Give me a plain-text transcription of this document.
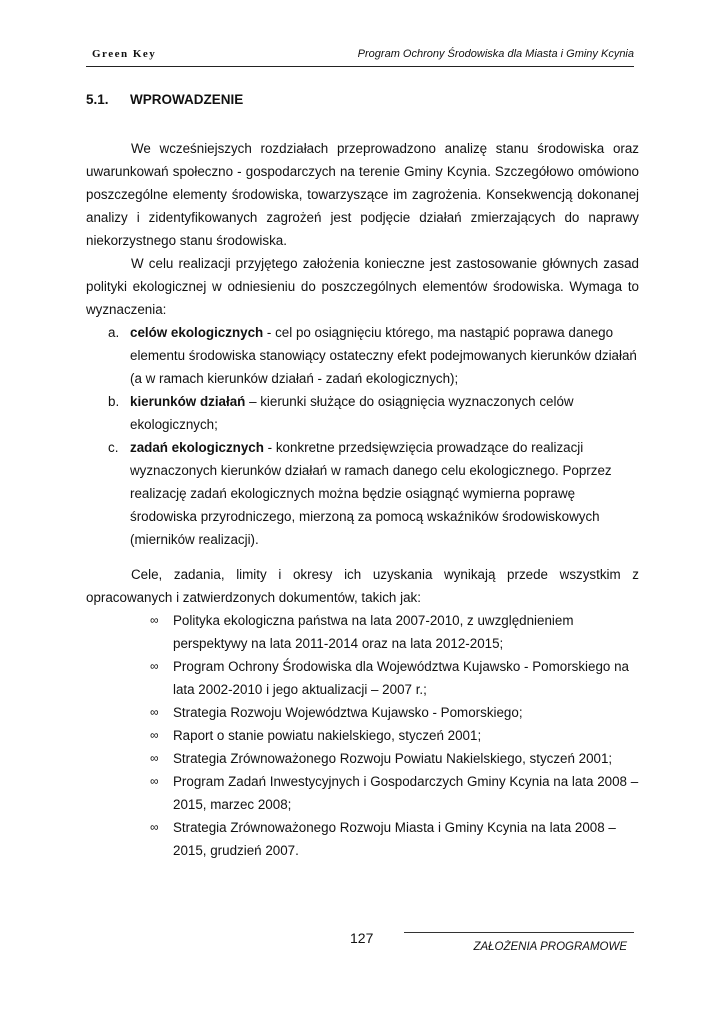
Green Key	Program Ochrony Środowiska dla Miasta i Gminy Kcynia
5.1. WPROWADZENIE

We wcześniejszych rozdziałach przeprowadzono analizę stanu środowiska oraz uwarunkowań społeczno - gospodarczych na terenie Gminy Kcynia. Szczegółowo omówiono poszczególne elementy środowiska, towarzyszące im zagrożenia. Konsekwencją dokonanej analizy i zidentyfikowanych zagrożeń jest podjęcie działań zmierzających do naprawy niekorzystnego stanu środowiska.

W celu realizacji przyjętego założenia konieczne jest zastosowanie głównych zasad polityki ekologicznej w odniesieniu do poszczególnych elementów środowiska. Wymaga to wyznaczenia:

a. celów ekologicznych - cel po osiągnięciu którego, ma nastąpić poprawa danego elementu środowiska stanowiący ostateczny efekt podejmowanych kierunków działań (a w ramach kierunków działań - zadań ekologicznych);
b. kierunków działań – kierunki służące do osiągnięcia wyznaczonych celów ekologicznych;
c. zadań ekologicznych - konkretne przedsięwzięcia prowadzące do realizacji wyznaczonych kierunków działań w ramach danego celu ekologicznego. Poprzez realizację zadań ekologicznych można będzie osiągnąć wymierna poprawę środowiska przyrodniczego, mierzoną za pomocą wskaźników środowiskowych (mierników realizacji).

Cele, zadania, limity i okresy ich uzyskania wynikają przede wszystkim z opracowanych i zatwierdzonych dokumentów, takich jak:

∞ Polityka ekologiczna państwa na lata 2007-2010, z uwzględnieniem perspektywy na lata 2011-2014 oraz na lata 2012-2015;
∞ Program Ochrony Środowiska dla Województwa Kujawsko - Pomorskiego na lata 2002-2010 i jego aktualizacji – 2007 r.;
∞ Strategia Rozwoju Województwa Kujawsko - Pomorskiego;
∞ Raport o stanie powiatu nakielskiego, styczeń 2001;
∞ Strategia Zrównoważonego Rozwoju Powiatu Nakielskiego, styczeń 2001;
∞ Program Zadań Inwestycyjnych i Gospodarczych Gminy Kcynia na lata 2008 – 2015, marzec 2008;
∞ Strategia Zrównoważonego Rozwoju Miasta i Gminy Kcynia na lata 2008 – 2015, grudzień 2007.
127
ZAŁOŻENIA PROGRAMOWE
